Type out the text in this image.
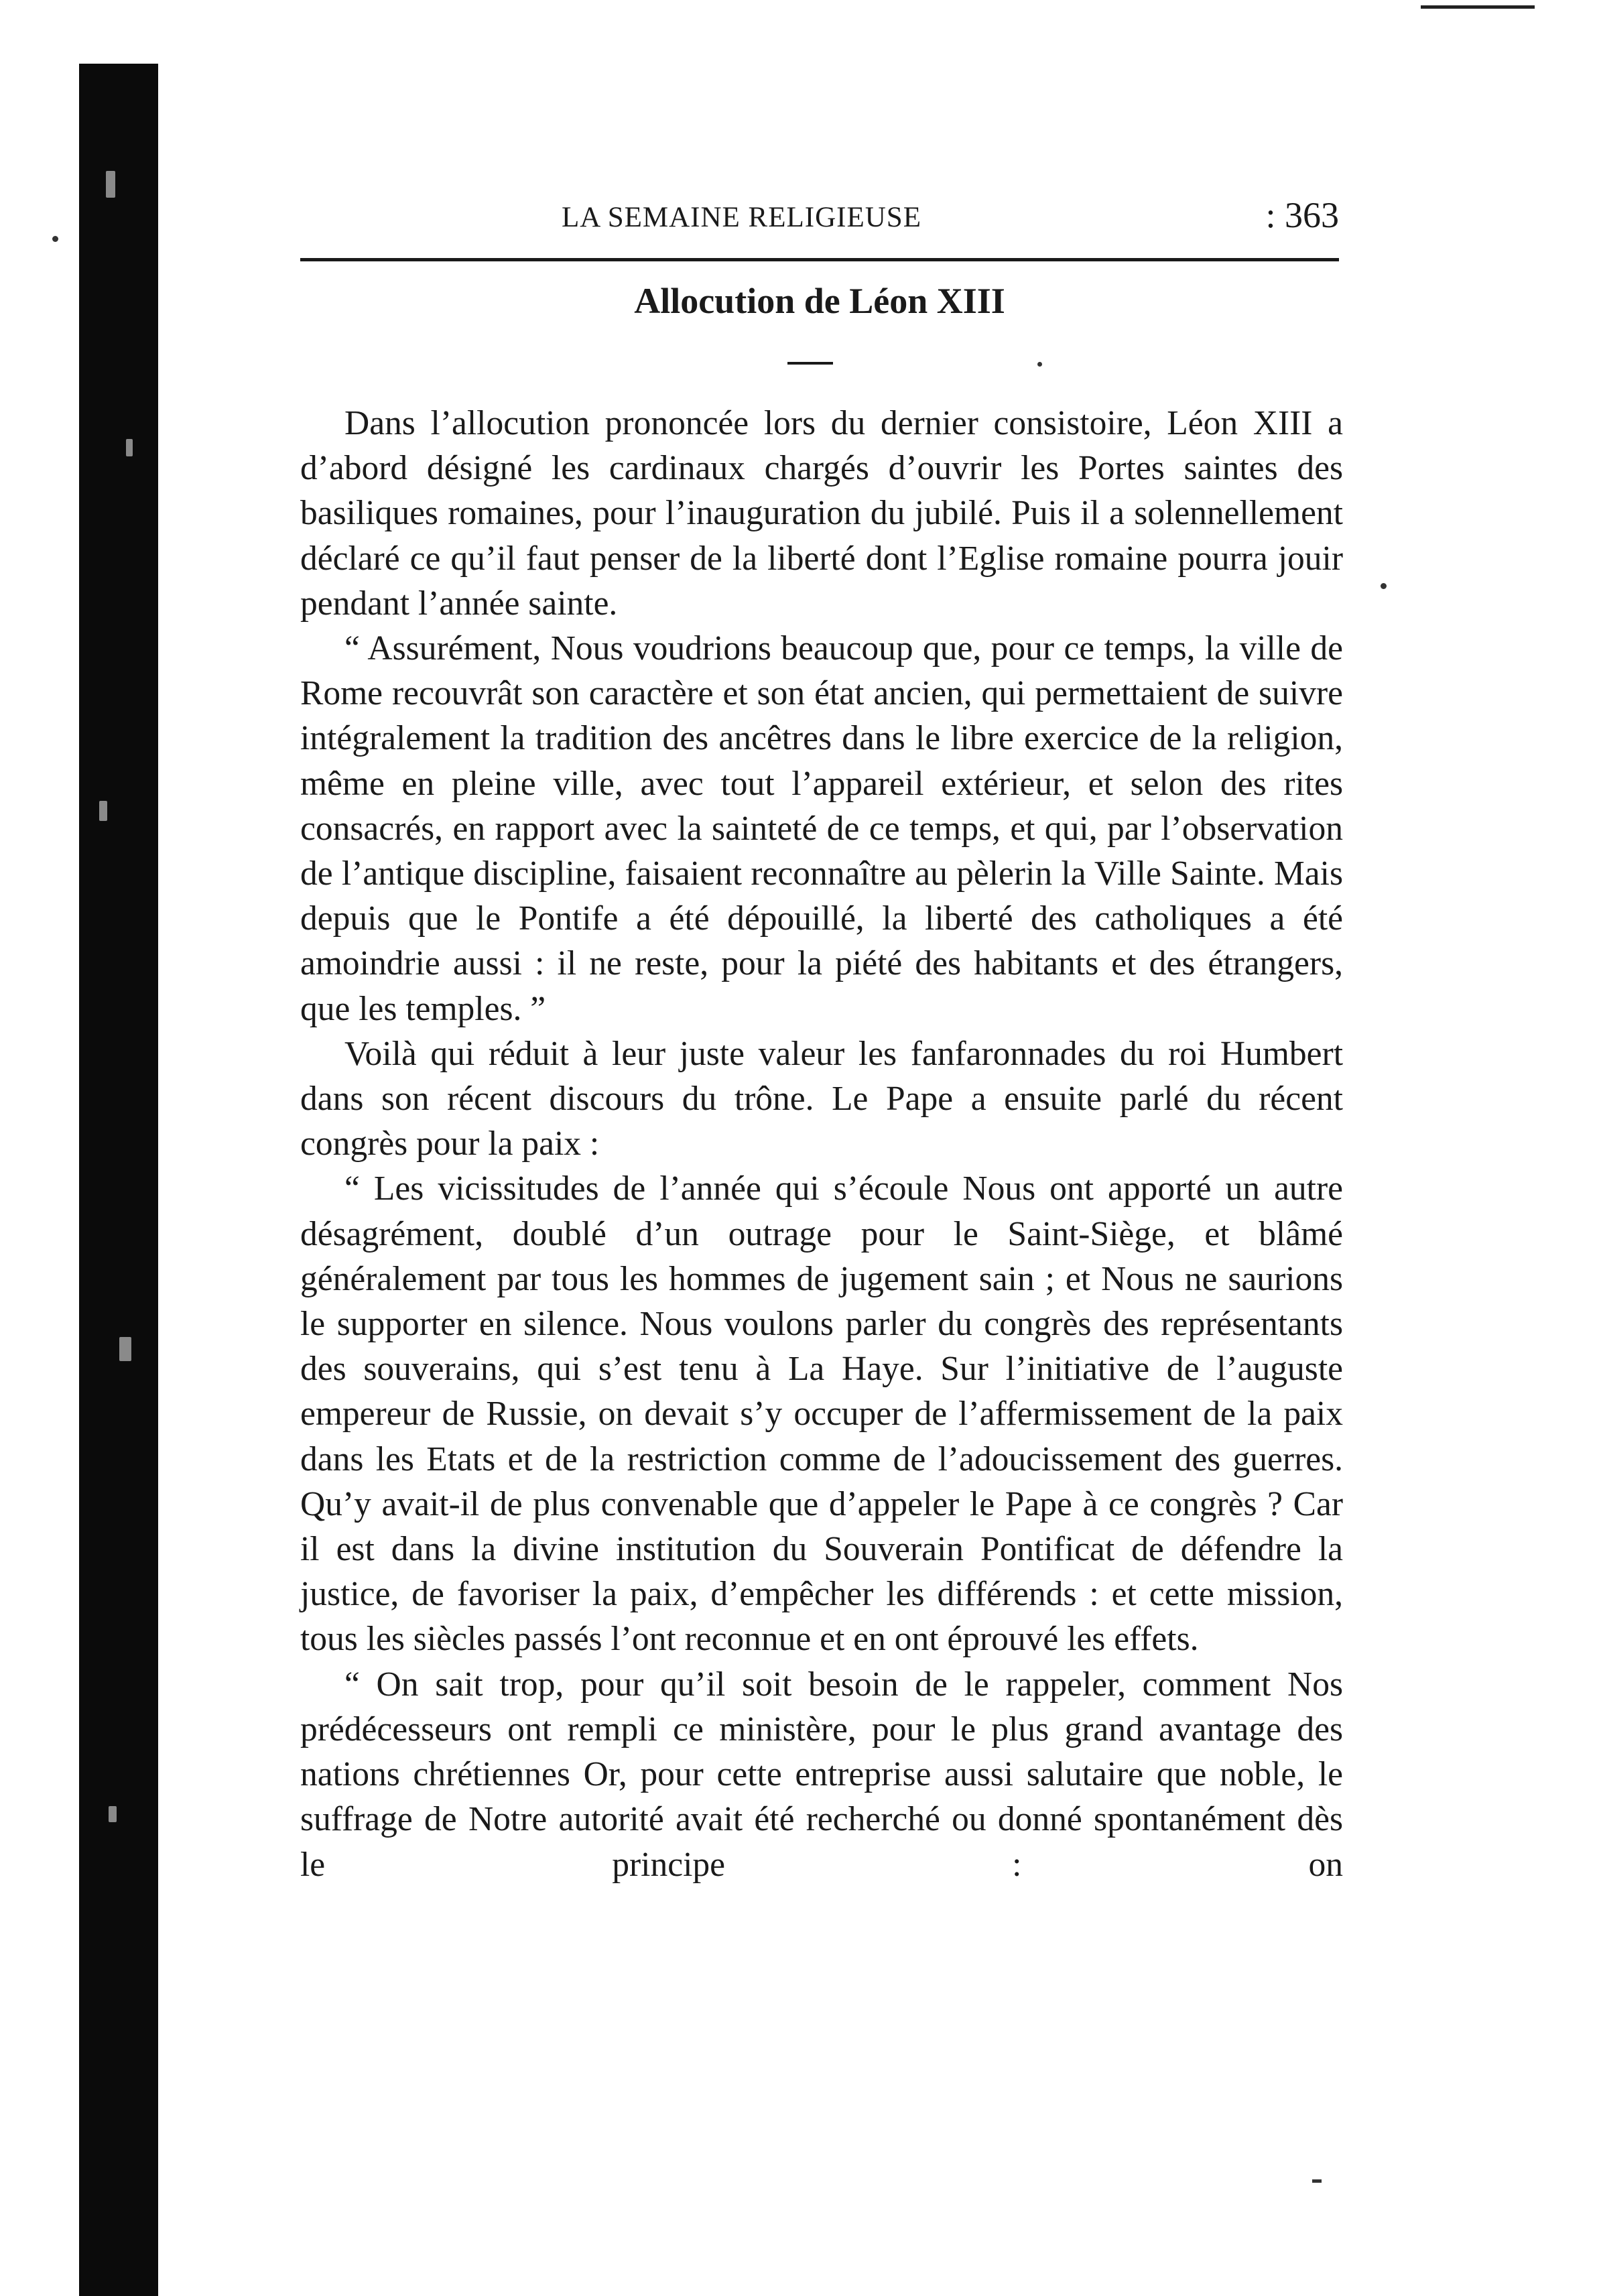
LA SEMAINE RELIGIEUSE	: 363
Allocution de Léon XIII

Dans l’allocution prononcée lors du dernier consistoire, Léon XIII a d’abord désigné les cardinaux chargés d’ouvrir les Portes saintes des basiliques romaines, pour l’inauguration du jubilé. Puis il a solennellement déclaré ce qu’il faut penser de la liberté dont l’Eglise romaine pourra jouir pendant l’année sainte.

“ Assurément, Nous voudrions beaucoup que, pour ce temps, la ville de Rome recouvrât son caractère et son état ancien, qui permettaient de suivre intégralement la tradition des ancêtres dans le libre exercice de la religion, même en pleine ville, avec tout l’appareil extérieur, et selon des rites consacrés, en rapport avec la sainteté de ce temps, et qui, par l’observation de l’antique discipline, faisaient reconnaître au pèlerin la Ville Sainte. Mais depuis que le Pontife a été dépouillé, la liberté des catholiques a été amoindrie aussi : il ne reste, pour la piété des habitants et des étrangers, que les temples. ”

Voilà qui réduit à leur juste valeur les fanfaronnades du roi Humbert dans son récent discours du trône. Le Pape a ensuite parlé du récent congrès pour la paix :

“ Les vicissitudes de l’année qui s’écoule Nous ont apporté un autre désagrément, doublé d’un outrage pour le Saint-Siège, et blâmé généralement par tous les hommes de jugement sain ; et Nous ne saurions le supporter en silence. Nous voulons parler du congrès des représentants des souverains, qui s’est tenu à La Haye. Sur l’initiative de l’auguste empereur de Russie, on devait s’y occuper de l’affermissement de la paix dans les Etats et de la restriction comme de l’adoucissement des guerres. Qu’y avait-il de plus convenable que d’appeler le Pape à ce congrès ? Car il est dans la divine institution du Souverain Pontificat de défendre la justice, de favoriser la paix, d’empêcher les différends : et cette mission, tous les siècles passés l’ont reconnue et en ont éprouvé les effets.

“ On sait trop, pour qu’il soit besoin de le rappeler, comment Nos prédécesseurs ont rempli ce ministère, pour le plus grand avantage des nations chrétiennes Or, pour cette entreprise aussi salutaire que noble, le suffrage de Notre autorité avait été recherché ou donné spontanément dès le principe : on
